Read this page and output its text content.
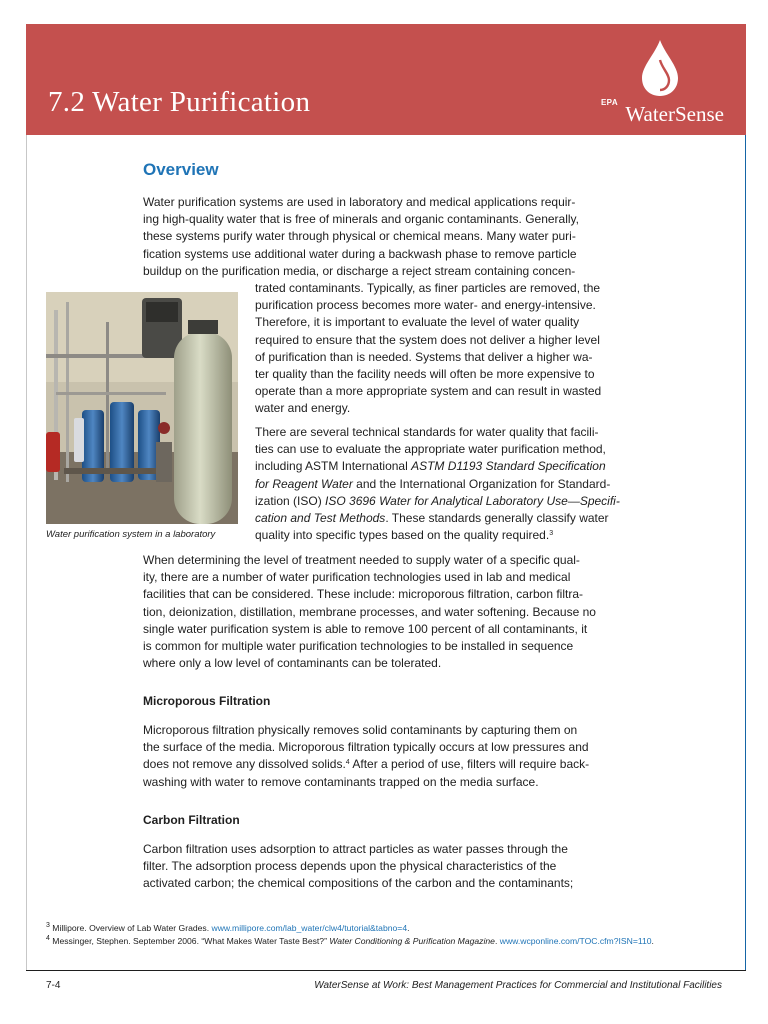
7.2 Water Purification	EPA WaterSense
Overview

Water purification systems are used in laboratory and medical applications requir-
ing high-quality water that is free of minerals and organic contaminants. Generally,
these systems purify water through physical or chemical means. Many water puri-
fication systems use additional water during a backwash phase to remove particle
buildup on the purification media, or discharge a reject stream containing concen-

trated contaminants. Typically, as finer particles are removed, the
purification process becomes more water- and energy-intensive.
Therefore, it is important to evaluate the level of water quality
required to ensure that the system does not deliver a higher level
of purification than is needed. Systems that deliver a higher wa-
ter quality than the facility needs will often be more expensive to
operate than a more appropriate system and can result in wasted
water and energy.

There are several technical standards for water quality that facili-
ties can use to evaluate the appropriate water purification method,
including ASTM International ASTM D1193 Standard Specification
for Reagent Water and the International Organization for Standard-
ization (ISO) ISO 3696 Water for Analytical Laboratory Use—Specifi-
cation and Test Methods. These standards generally classify water
quality into specific types based on the quality required.$^3$

Water purification system in a laboratory

When determining the level of treatment needed to supply water of a specific qual-
ity, there are a number of water purification technologies used in lab and medical
facilities that can be considered. These include: microporous filtration, carbon filtra-
tion, deionization, distillation, membrane processes, and water softening. Because no
single water purification system is able to remove 100 percent of all contaminants, it
is common for multiple water purification technologies to be installed in sequence
where only a low level of contaminants can be tolerated.

Microporous Filtration

Microporous filtration physically removes solid contaminants by capturing them on
the surface of the media. Microporous filtration typically occurs at low pressures and
does not remove any dissolved solids.$^4$ After a period of use, filters will require back-
washing with water to remove contaminants trapped on the media surface.

Carbon Filtration

Carbon filtration uses adsorption to attract particles as water passes through the
filter. The adsorption process depends upon the physical characteristics of the
activated carbon; the chemical compositions of the carbon and the contaminants;

$^3$ Millipore. Overview of Lab Water Grades. www.millipore.com/lab_water/clw4/tutorial&tabno=4.
$^4$ Messinger, Stephen. September 2006. “What Makes Water Taste Best?” Water Conditioning & Purification Magazine. www.wcponline.com/TOC.cfm?ISN=110.
7-4	WaterSense at Work: Best Management Practices for Commercial and Institutional Facilities
